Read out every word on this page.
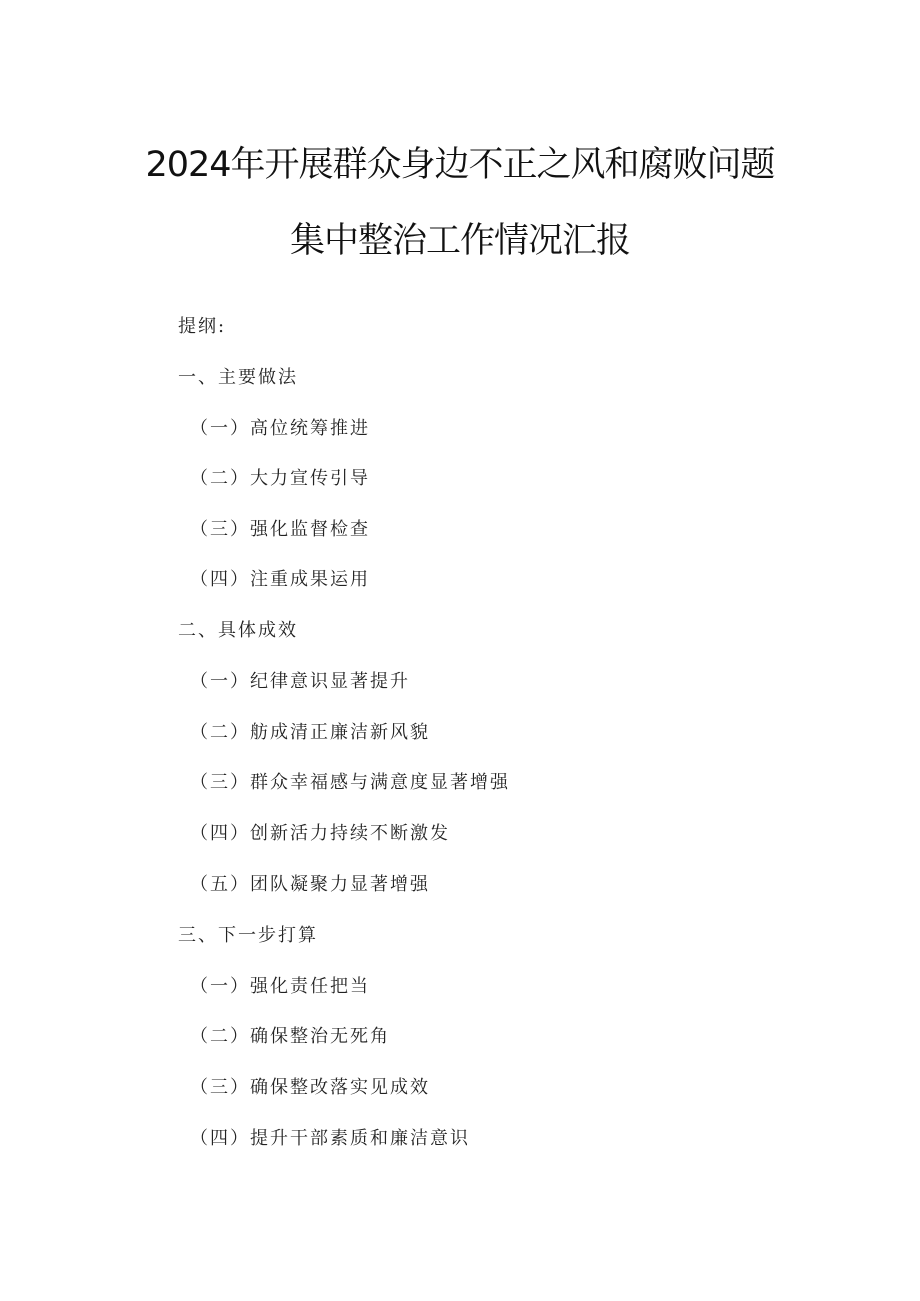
2024年开展群众身边不正之风和腐败问题
集中整治工作情况汇报
提纲:
一、主要做法
（一）高位统筹推进
（二）大力宣传引导
（三）强化监督检查
（四）注重成果运用
二、具体成效
（一）纪律意识显著提升
（二）舫成清正廉洁新风貌
（三）群众幸福感与满意度显著增强
（四）创新活力持续不断激发
（五）团队凝聚力显著增强
三、下一步打算
（一）强化责任把当
（二）确保整治无死角
（三）确保整改落实见成效
（四）提升干部素质和廉洁意识
